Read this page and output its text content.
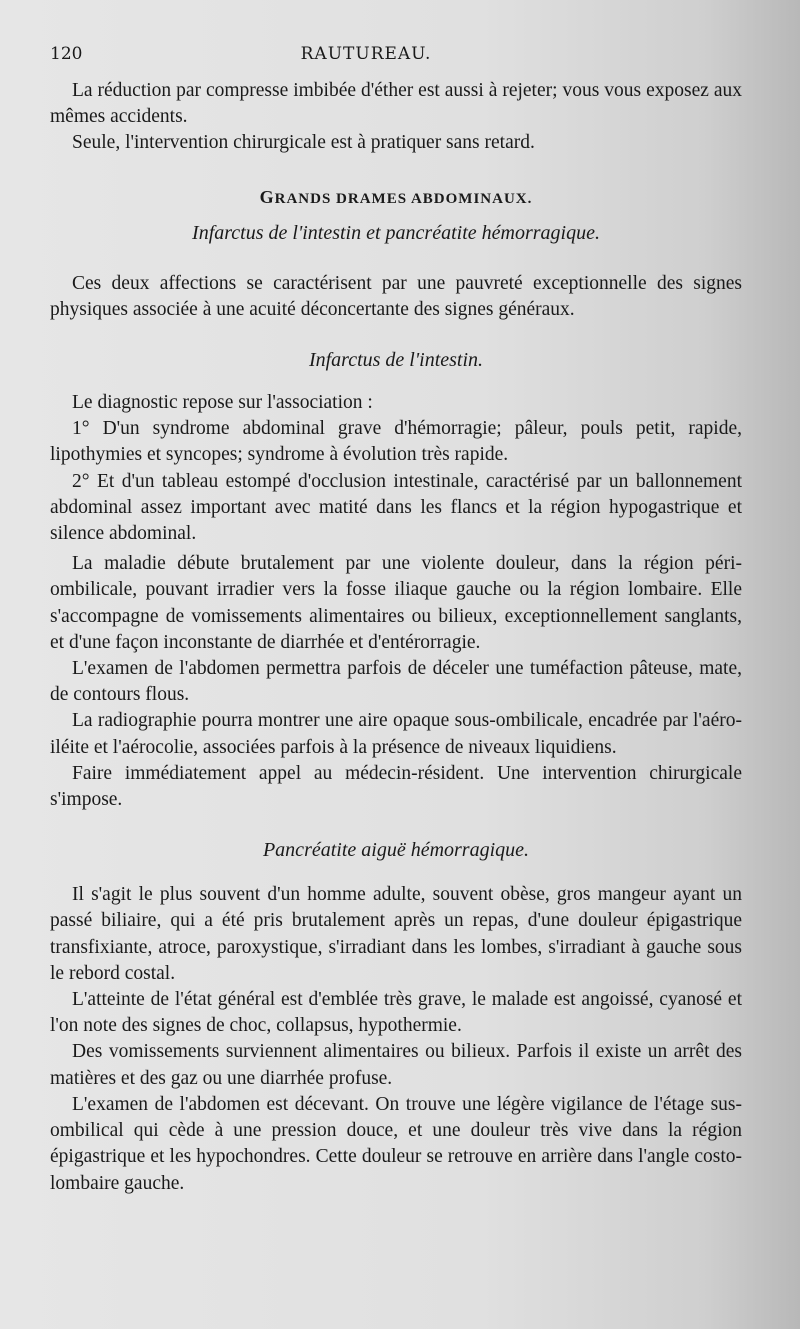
120	RAUTUREAU.

La réduction par compresse imbibée d'éther est aussi à rejeter; vous vous exposez aux mêmes accidents.

Seule, l'intervention chirurgicale est à pratiquer sans retard.

GRANDS DRAMES ABDOMINAUX.
Infarctus de l'intestin et pancréatite hémorragique.

Ces deux affections se caractérisent par une pauvreté exceptionnelle des signes physiques associée à une acuité déconcertante des signes généraux.

Infarctus de l'intestin.

Le diagnostic repose sur l'association :

1° D'un syndrome abdominal grave d'hémorragie; pâleur, pouls petit, rapide, lipothymies et syncopes; syndrome à évolution très rapide.

2° Et d'un tableau estompé d'occlusion intestinale, caractérisé par un ballonnement abdominal assez important avec matité dans les flancs et la région hypogastrique et silence abdominal.

La maladie débute brutalement par une violente douleur, dans la région péri-ombilicale, pouvant irradier vers la fosse iliaque gauche ou la région lombaire. Elle s'accompagne de vomissements alimentaires ou bilieux, exceptionnellement sanglants, et d'une façon inconstante de diarrhée et d'entérorragie.

L'examen de l'abdomen permettra parfois de déceler une tuméfaction pâteuse, mate, de contours flous.

La radiographie pourra montrer une aire opaque sous-ombilicale, encadrée par l'aéro-iléite et l'aérocolie, associées parfois à la présence de niveaux liquidiens.

Faire immédiatement appel au médecin-résident. Une intervention chirurgicale s'impose.

Pancréatite aiguë hémorragique.

Il s'agit le plus souvent d'un homme adulte, souvent obèse, gros mangeur ayant un passé biliaire, qui a été pris brutalement après un repas, d'une douleur épigastrique transfixiante, atroce, paroxystique, s'irradiant dans les lombes, s'irradiant à gauche sous le rebord costal.

L'atteinte de l'état général est d'emblée très grave, le malade est angoissé, cyanosé et l'on note des signes de choc, collapsus, hypothermie.

Des vomissements surviennent alimentaires ou bilieux. Parfois il existe un arrêt des matières et des gaz ou une diarrhée profuse.

L'examen de l'abdomen est décevant. On trouve une légère vigilance de l'étage sus-ombilical qui cède à une pression douce, et une douleur très vive dans la région épigastrique et les hypochondres. Cette douleur se retrouve en arrière dans l'angle costo-lombaire gauche.
